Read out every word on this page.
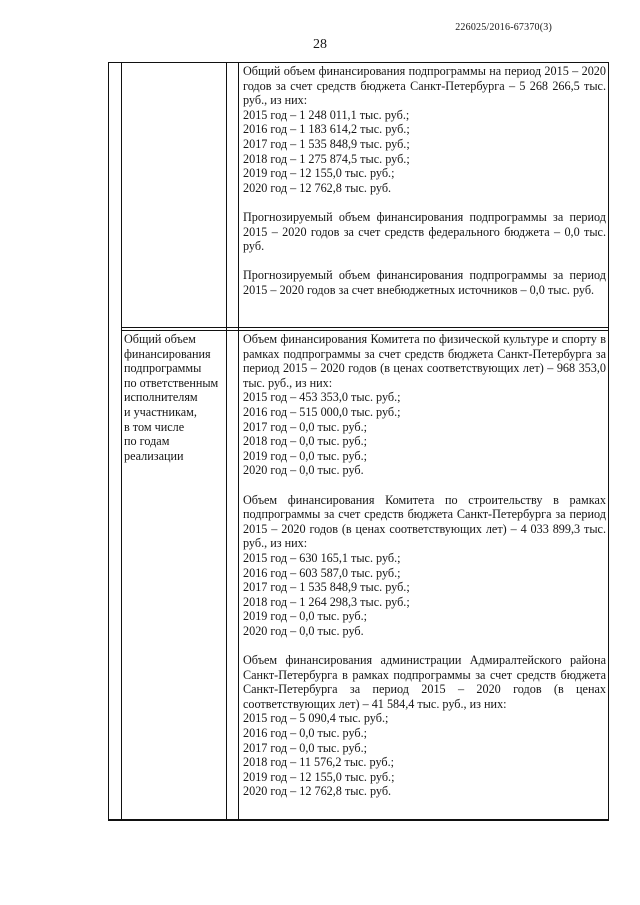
226025/2016-67370(3)
28
Общий объем финансирования подпрограммы на период 2015 – 2020 годов за счет средств бюджета Санкт-Петербурга – 5 268 266,5 тыс. руб., из них:
2015 год – 1 248 011,1 тыс. руб.;
2016 год – 1 183 614,2 тыс. руб.;
2017 год – 1 535 848,9 тыс. руб.;
2018 год – 1 275 874,5 тыс. руб.;
2019 год – 12 155,0 тыс. руб.;
2020 год – 12 762,8 тыс. руб.
Прогнозируемый объем финансирования подпрограммы за период 2015 – 2020 годов за счет средств федерального бюджета – 0,0 тыс. руб.
Прогнозируемый объем финансирования подпрограммы за период 2015 – 2020 годов за счет внебюджетных источников – 0,0 тыс. руб.
Общий объем
финансирования
подпрограммы
по ответственным
исполнителям
и участникам,
в том числе
по годам
реализации
Объем финансирования Комитета по физической культуре и спорту в рамках подпрограммы за счет средств бюджета Санкт-Петербурга за период 2015 – 2020 годов (в ценах соответствующих лет) – 968 353,0 тыс. руб., из них:
2015 год – 453 353,0 тыс. руб.;
2016 год – 515 000,0 тыс. руб.;
2017 год – 0,0 тыс. руб.;
2018 год – 0,0 тыс. руб.;
2019 год – 0,0 тыс. руб.;
2020 год – 0,0 тыс. руб.
Объем финансирования Комитета по строительству в рамках подпрограммы за счет средств бюджета Санкт-Петербурга за период 2015 – 2020 годов (в ценах соответствующих лет) – 4 033 899,3 тыс. руб., из них:
2015 год – 630 165,1 тыс. руб.;
2016 год – 603 587,0 тыс. руб.;
2017 год – 1 535 848,9 тыс. руб.;
2018 год – 1 264 298,3 тыс. руб.;
2019 год – 0,0 тыс. руб.;
2020 год – 0,0 тыс. руб.
Объем финансирования администрации Адмиралтейского района Санкт-Петербурга в рамках подпрограммы за счет средств бюджета Санкт-Петербурга за период 2015 – 2020 годов (в ценах соответствующих лет) – 41 584,4 тыс. руб., из них:
2015 год – 5 090,4 тыс. руб.;
2016 год – 0,0 тыс. руб.;
2017 год – 0,0 тыс. руб.;
2018 год – 11 576,2 тыс. руб.;
2019 год – 12 155,0 тыс. руб.;
2020 год – 12 762,8 тыс. руб.
